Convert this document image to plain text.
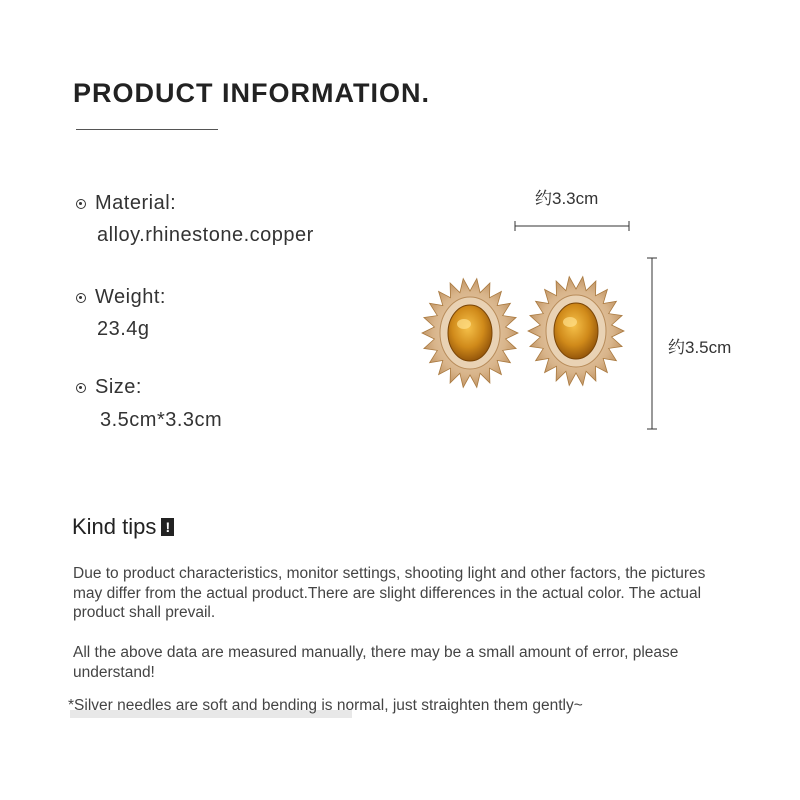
PRODUCT INFORMATION.
Material:
alloy.rhinestone.copper
Weight:
23.4g
Size:
3.5cm*3.3cm
约3.3cm
约3.5cm
Kind tips !
Due to product characteristics, monitor settings, shooting light and other factors, the pictures may differ from the actual product.There are slight differences in the actual color. The actual product shall prevail.
All the above data are measured manually, there may be a small amount of error, please understand!
*Silver needles are soft and bending is normal, just straighten them gently~
